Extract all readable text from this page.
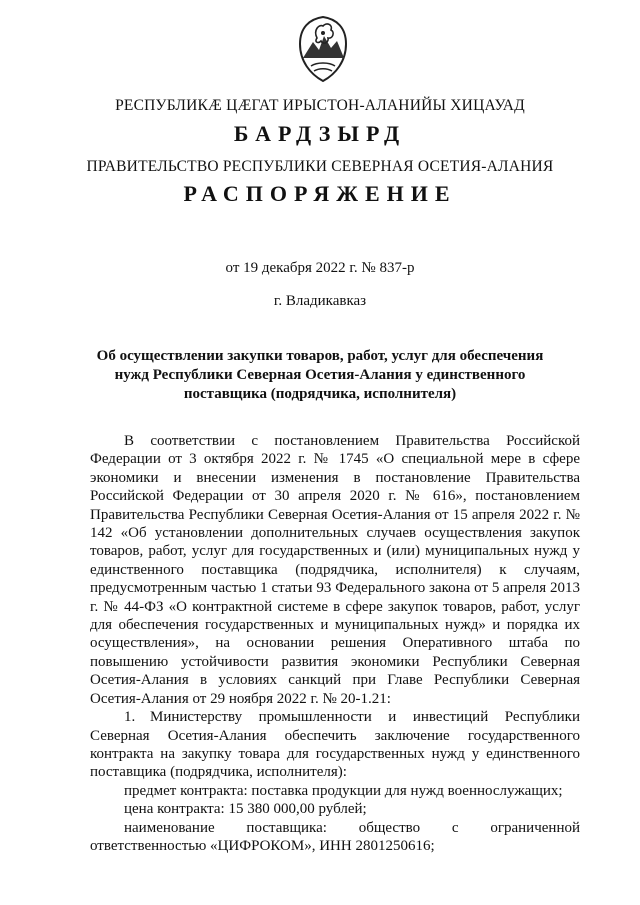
РЕСПУБЛИКӔ ЦӔГАТ ИРЫСТОН-АЛАНИЙЫ ХИЦАУАД
БАРДЗЫРД
ПРАВИТЕЛЬСТВО РЕСПУБЛИКИ СЕВЕРНАЯ ОСЕТИЯ-АЛАНИЯ
РАСПОРЯЖЕНИЕ
от 19 декабря 2022 г. № 837-р
г. Владикавказ
Об осуществлении закупки товаров, работ, услуг для обеспечения
нужд Республики Северная Осетия-Алания у единственного
поставщика (подрядчика, исполнителя)

В соответствии с постановлением Правительства Российской Федерации от 3 октября 2022 г. № 1745 «О специальной мере в сфере экономики и внесении изменения в постановление Правительства Российской Федерации от 30 апреля 2020 г. № 616», постановлением Правительства Республики Северная Осетия-Алания от 15 апреля 2022 г. № 142 «Об установлении дополнительных случаев осуществления закупок товаров, работ, услуг для государственных и (или) муниципальных нужд у единственного поставщика (подрядчика, исполнителя) к случаям, предусмотренным частью 1 статьи 93 Федерального закона от 5 апреля 2013 г. № 44-ФЗ «О контрактной системе в сфере закупок товаров, работ, услуг для обеспечения государственных и муниципальных нужд» и порядка их осуществления», на основании решения Оперативного штаба по повышению устойчивости развития экономики Республики Северная Осетия-Алания в условиях санкций при Главе Республики Северная Осетия-Алания от 29 ноября 2022 г. № 20-1.21:

1. Министерству промышленности и инвестиций Республики Северная Осетия-Алания обеспечить заключение государственного контракта на закупку товара для государственных нужд у единственного поставщика (подрядчика, исполнителя):

предмет контракта: поставка продукции для нужд военнослужащих;

цена контракта: 15 380 000,00 рублей;

наименование поставщика: общество с ограниченной

ответственностью «ЦИФРОКОМ», ИНН 2801250616;
